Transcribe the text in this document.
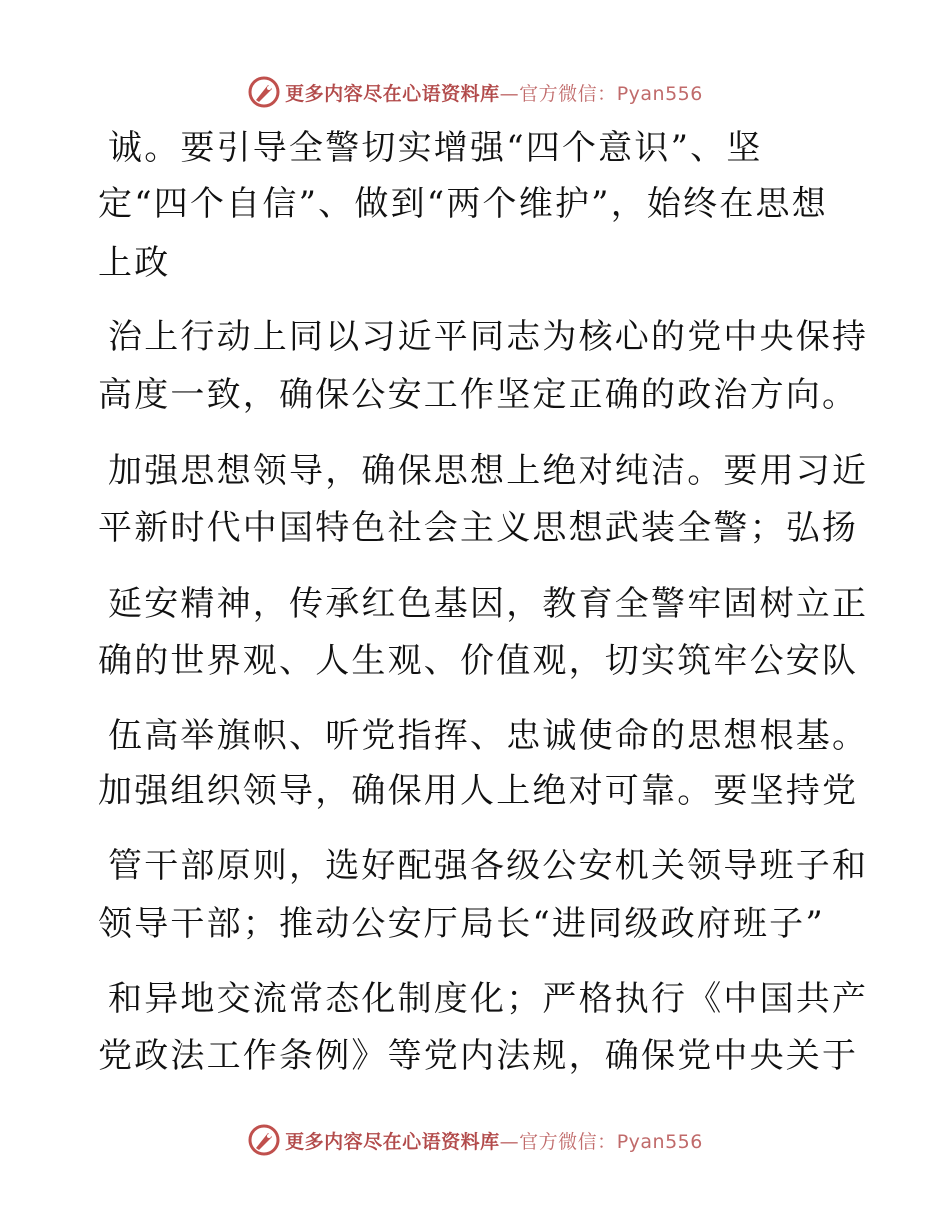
更多内容尽在心语资料库—官方微信：Pyan556
诚。要引导全警切实增强“四个意识”、坚
定“四个自信”、做到“两个维护”，始终在思想
上政
治上行动上同以习近平同志为核心的党中央保持
高度一致，确保公安工作坚定正确的政治方向。
加强思想领导，确保思想上绝对纯洁。要用习近
平新时代中国特色社会主义思想武装全警；弘扬
延安精神，传承红色基因，教育全警牢固树立正
确的世界观、人生观、价值观，切实筑牢公安队
伍高举旗帜、听党指挥、忠诚使命的思想根基。
加强组织领导，确保用人上绝对可靠。要坚持党
管干部原则，选好配强各级公安机关领导班子和
领导干部；推动公安厅局长“进同级政府班子”
和异地交流常态化制度化；严格执行《中国共产
党政法工作条例》等党内法规，确保党中央关于
更多内容尽在心语资料库—官方微信：Pyan556
